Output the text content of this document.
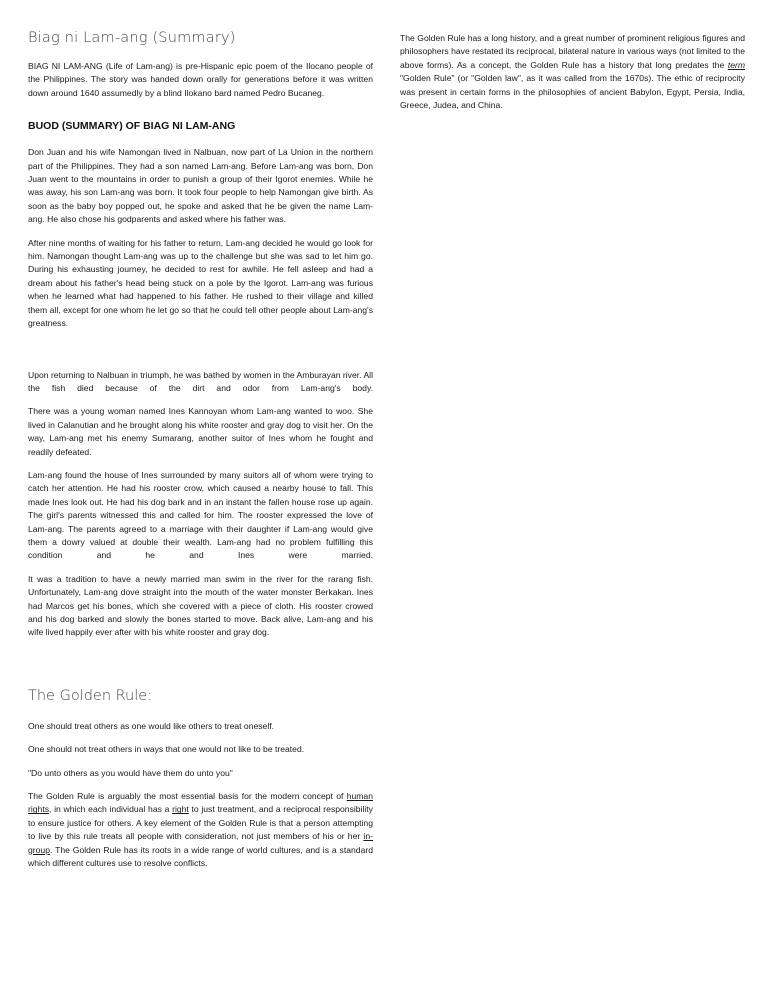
Biag ni Lam-ang (Summary)

BIAG NI LAM-ANG (Life of Lam-ang) is pre-Hispanic epic poem of the Ilocano people of the Philippines. The story was handed down orally for generations before it was written down around 1640 assumedly by a blind Ilokano bard named Pedro Bucaneg.

BUOD (SUMMARY) OF BIAG NI LAM-ANG

Don Juan and his wife Namongan lived in Nalbuan, now part of La Union in the northern part of the Philippines. They had a son named Lam-ang. Before Lam-ang was born, Don Juan went to the mountains in order to punish a group of their Igorot enemies. While he was away, his son Lam-ang was born. It took four people to help Namongan give birth. As soon as the baby boy popped out, he spoke and asked that he be given the name Lam-ang. He also chose his godparents and asked where his father was.

After nine months of waiting for his father to return, Lam-ang decided he would go look for him. Namongan thought Lam-ang was up to the challenge but she was sad to let him go. During his exhausting journey, he decided to rest for awhile. He fell asleep and had a dream about his father's head being stuck on a pole by the Igorot. Lam-ang was furious when he learned what had happened to his father. He rushed to their village and killed them all, except for one whom he let go so that he could tell other people about Lam-ang's greatness.

Upon returning to Nalbuan in triumph, he was bathed by women in the Amburayan river. All the fish died because of the dirt and odor from Lam-ang's body.

There was a young woman named Ines Kannoyan whom Lam-ang wanted to woo. She lived in Calanutian and he brought along his white rooster and gray dog to visit her. On the way, Lam-ang met his enemy Sumarang, another suitor of Ines whom he fought and readily defeated.

Lam-ang found the house of Ines surrounded by many suitors all of whom were trying to catch her attention. He had his rooster crow, which caused a nearby house to fall. This made Ines look out. He had his dog bark and in an instant the fallen house rose up again. The girl's parents witnessed this and called for him. The rooster expressed the love of Lam-ang. The parents agreed to a marriage with their daughter if Lam-ang would give them a dowry valued at double their wealth. Lam-ang had no problem fulfilling this condition and he and Ines were married.

It was a tradition to have a newly married man swim in the river for the rarang fish. Unfortunately, Lam-ang dove straight into the mouth of the water monster Berkakan. Ines had Marcos get his bones, which she covered with a piece of cloth. His rooster crowed and his dog barked and slowly the bones started to move. Back alive, Lam-ang and his wife lived happily ever after with his white rooster and gray dog.

The Golden Rule:

One should treat others as one would like others to treat oneself.

One should not treat others in ways that one would not like to be treated.

"Do unto others as you would have them do unto you"

The Golden Rule is arguably the most essential basis for the modern concept of human rights, in which each individual has a right to just treatment, and a reciprocal responsibility to ensure justice for others. A key element of the Golden Rule is that a person attempting to live by this rule treats all people with consideration, not just members of his or her in-group. The Golden Rule has its roots in a wide range of world cultures, and is a standard which different cultures use to resolve conflicts.

The Golden Rule has a long history, and a great number of prominent religious figures and philosophers have restated its reciprocal, bilateral nature in various ways (not limited to the above forms). As a concept, the Golden Rule has a history that long predates the term "Golden Rule" (or "Golden law", as it was called from the 1670s). The ethic of reciprocity was present in certain forms in the philosophies of ancient Babylon, Egypt, Persia, India, Greece, Judea, and China.
